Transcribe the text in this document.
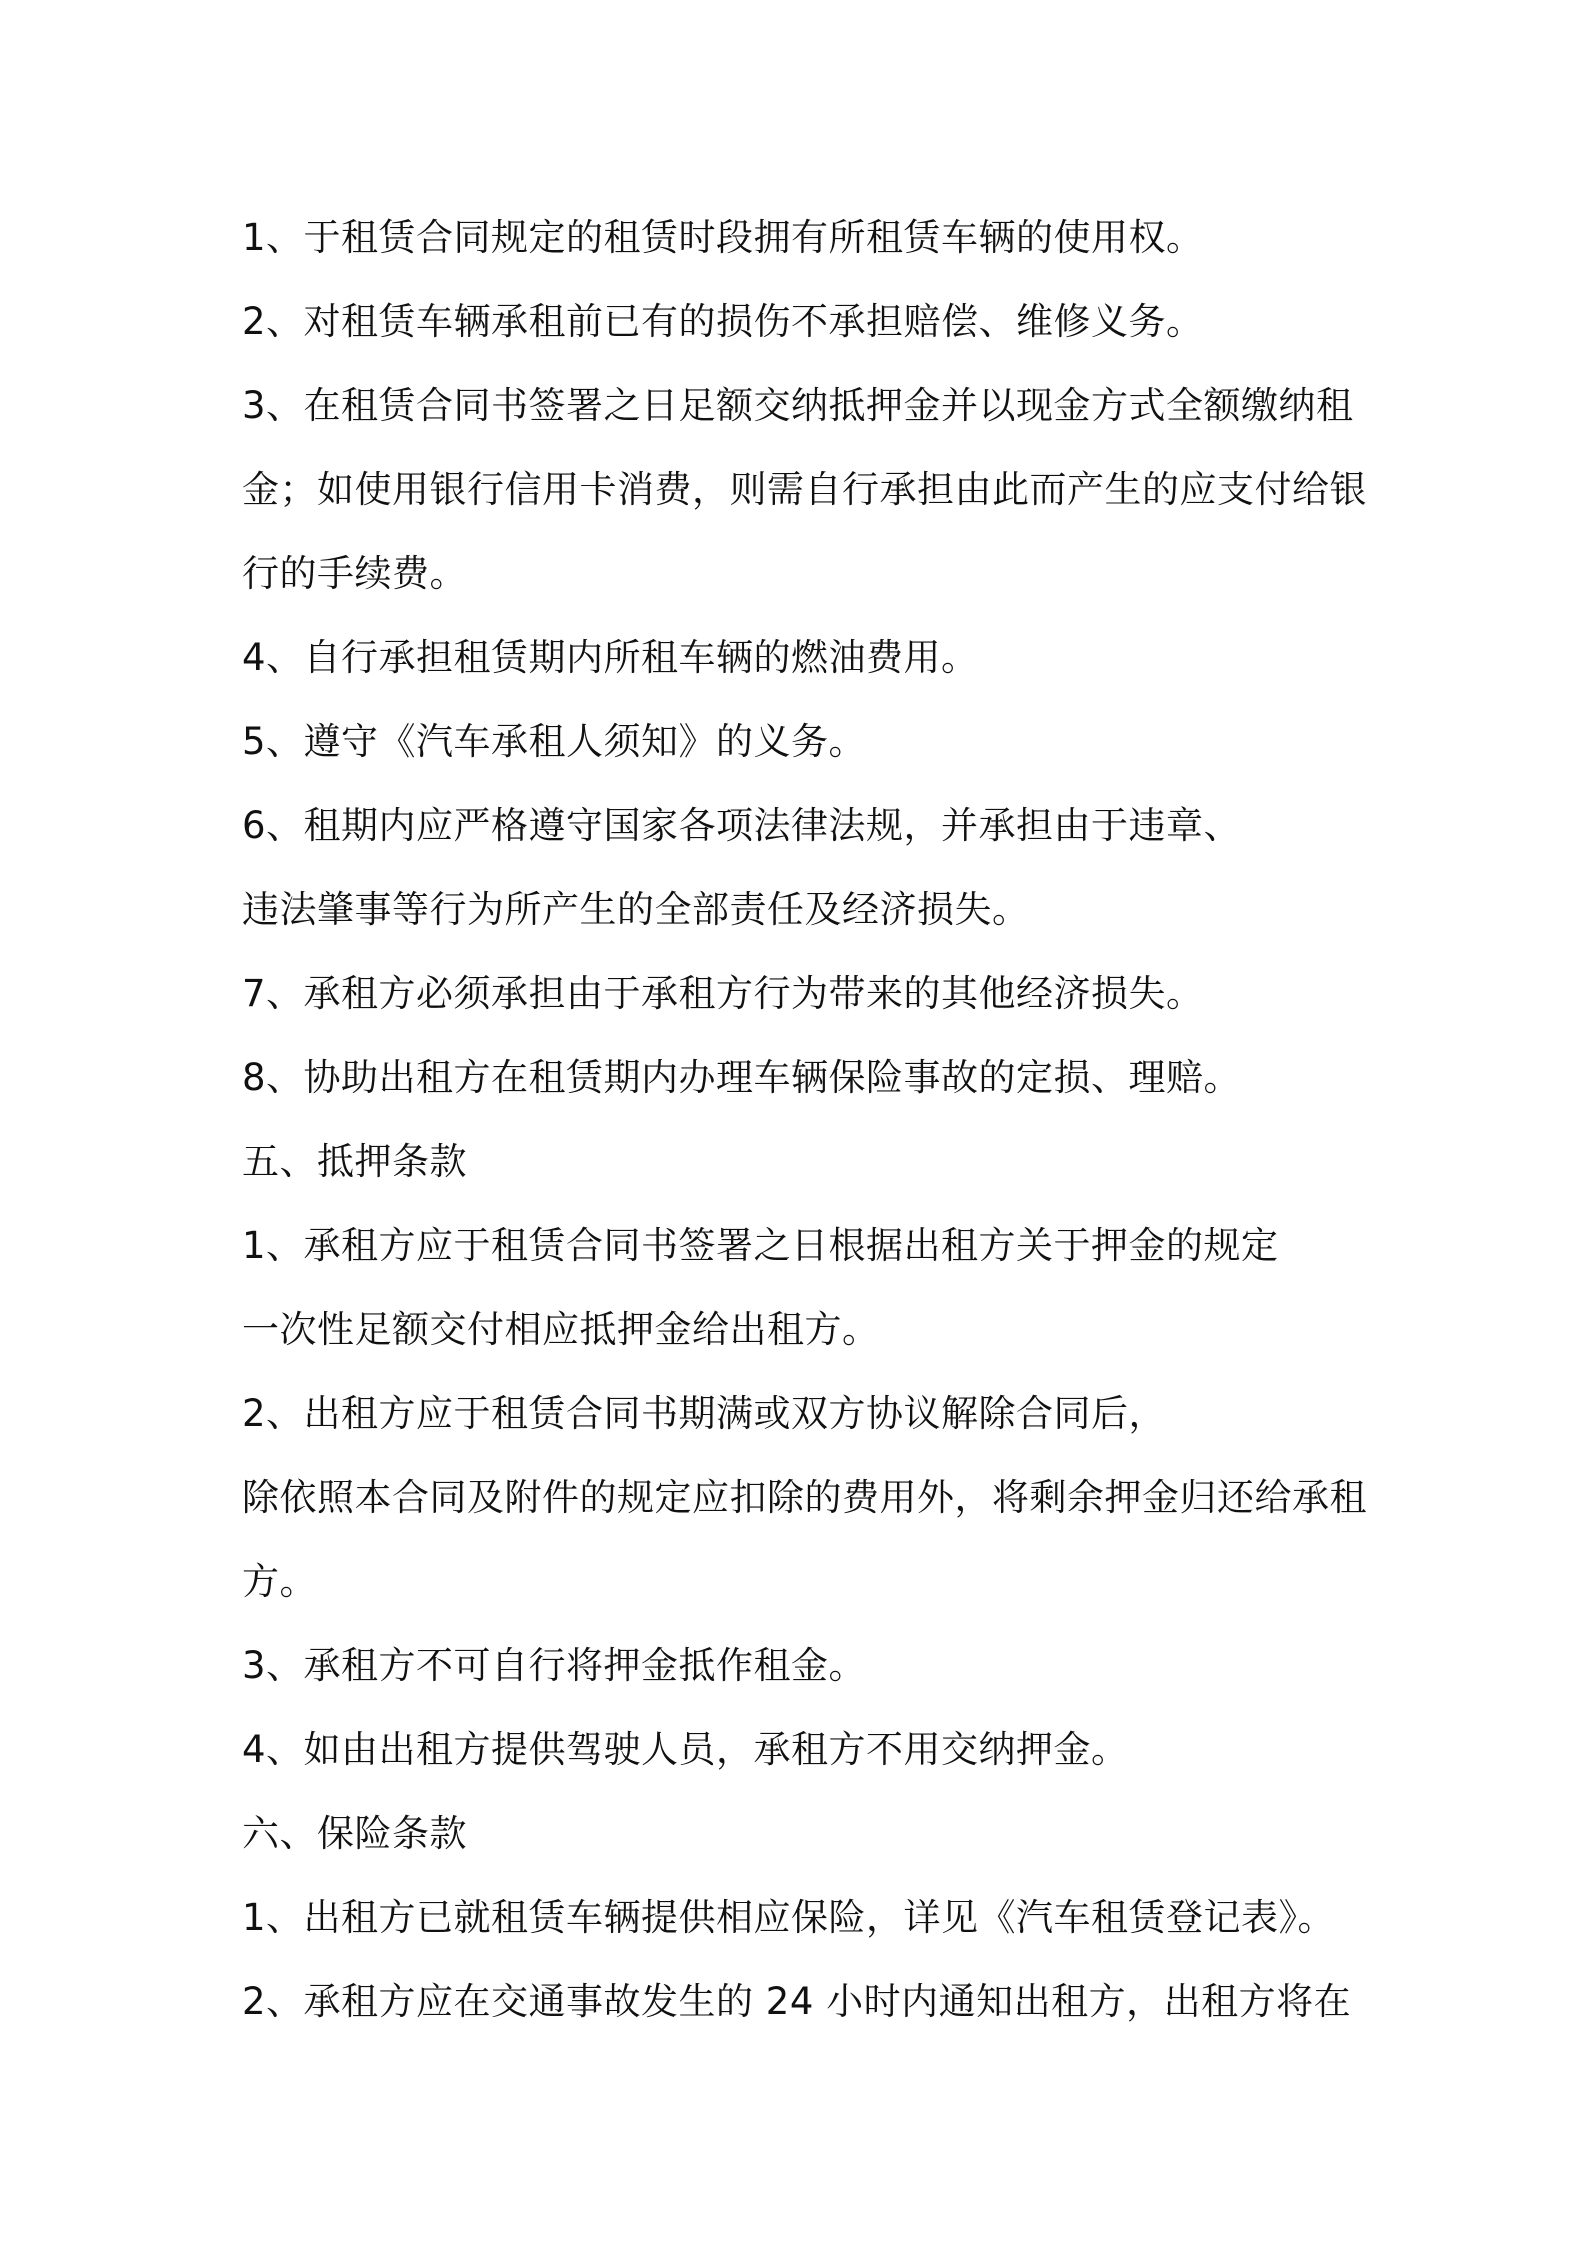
1、于租赁合同规定的租赁时段拥有所租赁车辆的使用权。
2、对租赁车辆承租前已有的损伤不承担赔偿、维修义务。
3、在租赁合同书签署之日足额交纳抵押金并以现金方式全额缴纳租
金；如使用银行信用卡消费，则需自行承担由此而产生的应支付给银
行的手续费。
4、自行承担租赁期内所租车辆的燃油费用。
5、遵守《汽车承租人须知》的义务。
6、租期内应严格遵守国家各项法律法规，并承担由于违章、
违法肇事等行为所产生的全部责任及经济损失。
7、承租方必须承担由于承租方行为带来的其他经济损失。
8、协助出租方在租赁期内办理车辆保险事故的定损、理赔。
五、抵押条款
1、承租方应于租赁合同书签署之日根据出租方关于押金的规定
一次性足额交付相应抵押金给出租方。
2、出租方应于租赁合同书期满或双方协议解除合同后，
除依照本合同及附件的规定应扣除的费用外，将剩余押金归还给承租
方。
3、承租方不可自行将押金抵作租金。
4、如由出租方提供驾驶人员，承租方不用交纳押金。
六、保险条款
1、出租方已就租赁车辆提供相应保险，详见《汽车租赁登记表》。
2、承租方应在交通事故发生的 24 小时内通知出租方，出租方将在
